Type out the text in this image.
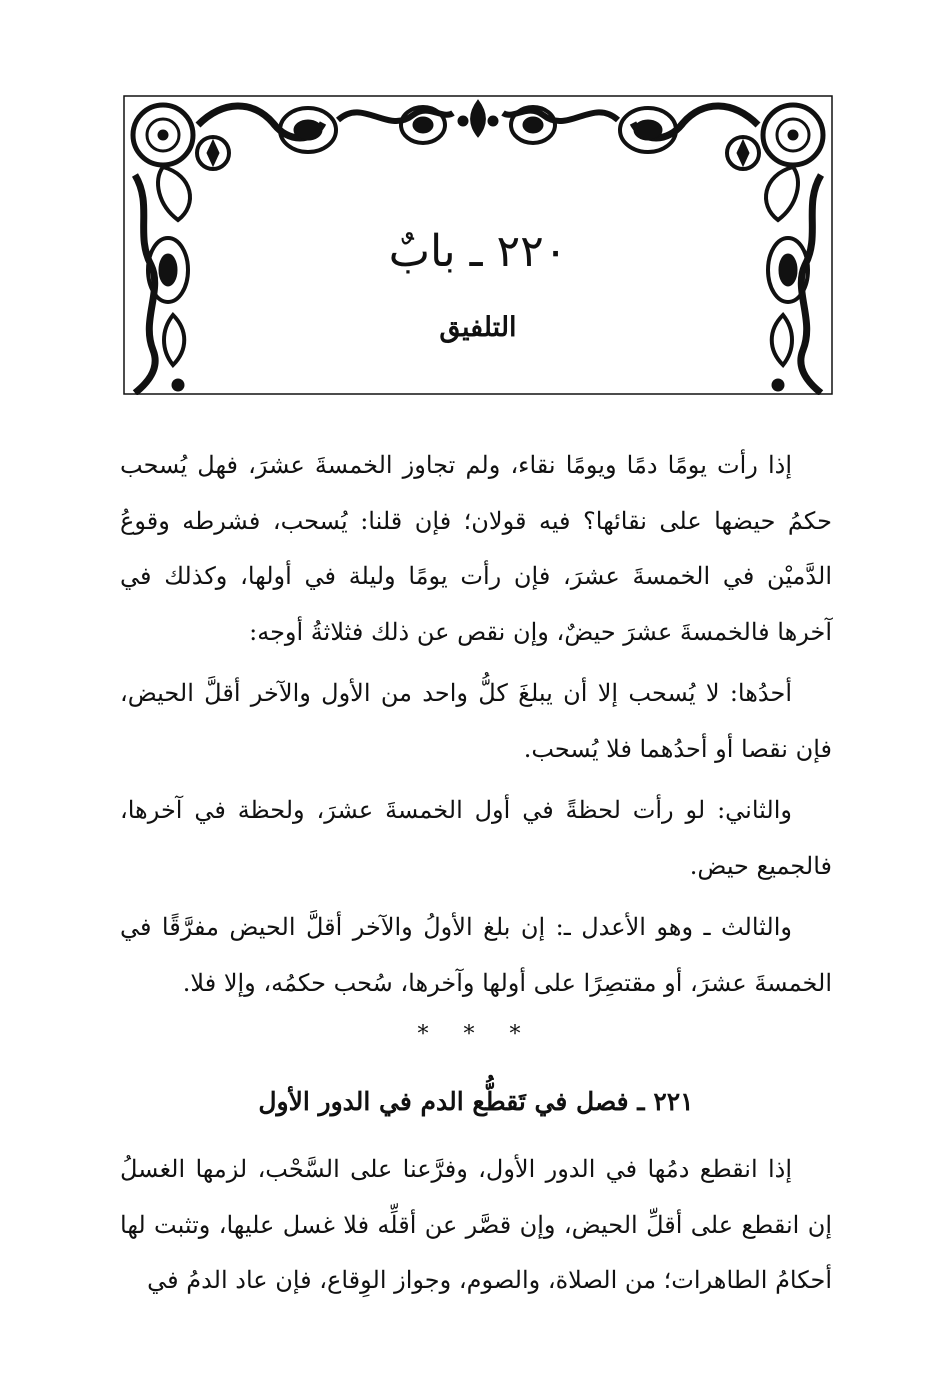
٢٢٠ ـ بابٌ
التلفيق

إذا رأت يومًا دمًا ويومًا نقاء، ولم تجاوز الخمسةَ عشرَ، فهل يُسحب حكمُ حيضها على نقائها؟ فيه قولان؛ فإن قلنا: يُسحب، فشرطه وقوعُ الدَّميْن في الخمسةَ عشرَ، فإن رأت يومًا وليلة في أولها، وكذلك في آخرها فالخمسةَ عشرَ حيضٌ، وإن نقص عن ذلك فثلاثةُ أوجه:

أحدُها: لا يُسحب إلا أن يبلغَ كلُّ واحد من الأول والآخر أقلَّ الحيض، فإن نقصا أو أحدُهما فلا يُسحب.

والثاني: لو رأت لحظةً في أول الخمسةَ عشرَ، ولحظة في آخرها، فالجميع حيض.

والثالث ـ وهو الأعدل ـ: إن بلغ الأولُ والآخر أقلَّ الحيض مفرَّقًا في الخمسةَ عشرَ، أو مقتصِرًا على أولها وآخرها، سُحب حكمُه، وإلا فلا.

* * *
٢٢١ ـ فصل في تَقطُّع الدم في الدور الأول

إذا انقطع دمُها في الدور الأول، وفرَّعنا على السَّحْب، لزمها الغسلُ إن انقطع على أقلِّ الحيض، وإن قصَّر عن أقلِّه فلا غسل عليها، وتثبت لها أحكامُ الطاهرات؛ من الصلاة، والصوم، وجواز الوِقاع، فإن عاد الدمُ في
